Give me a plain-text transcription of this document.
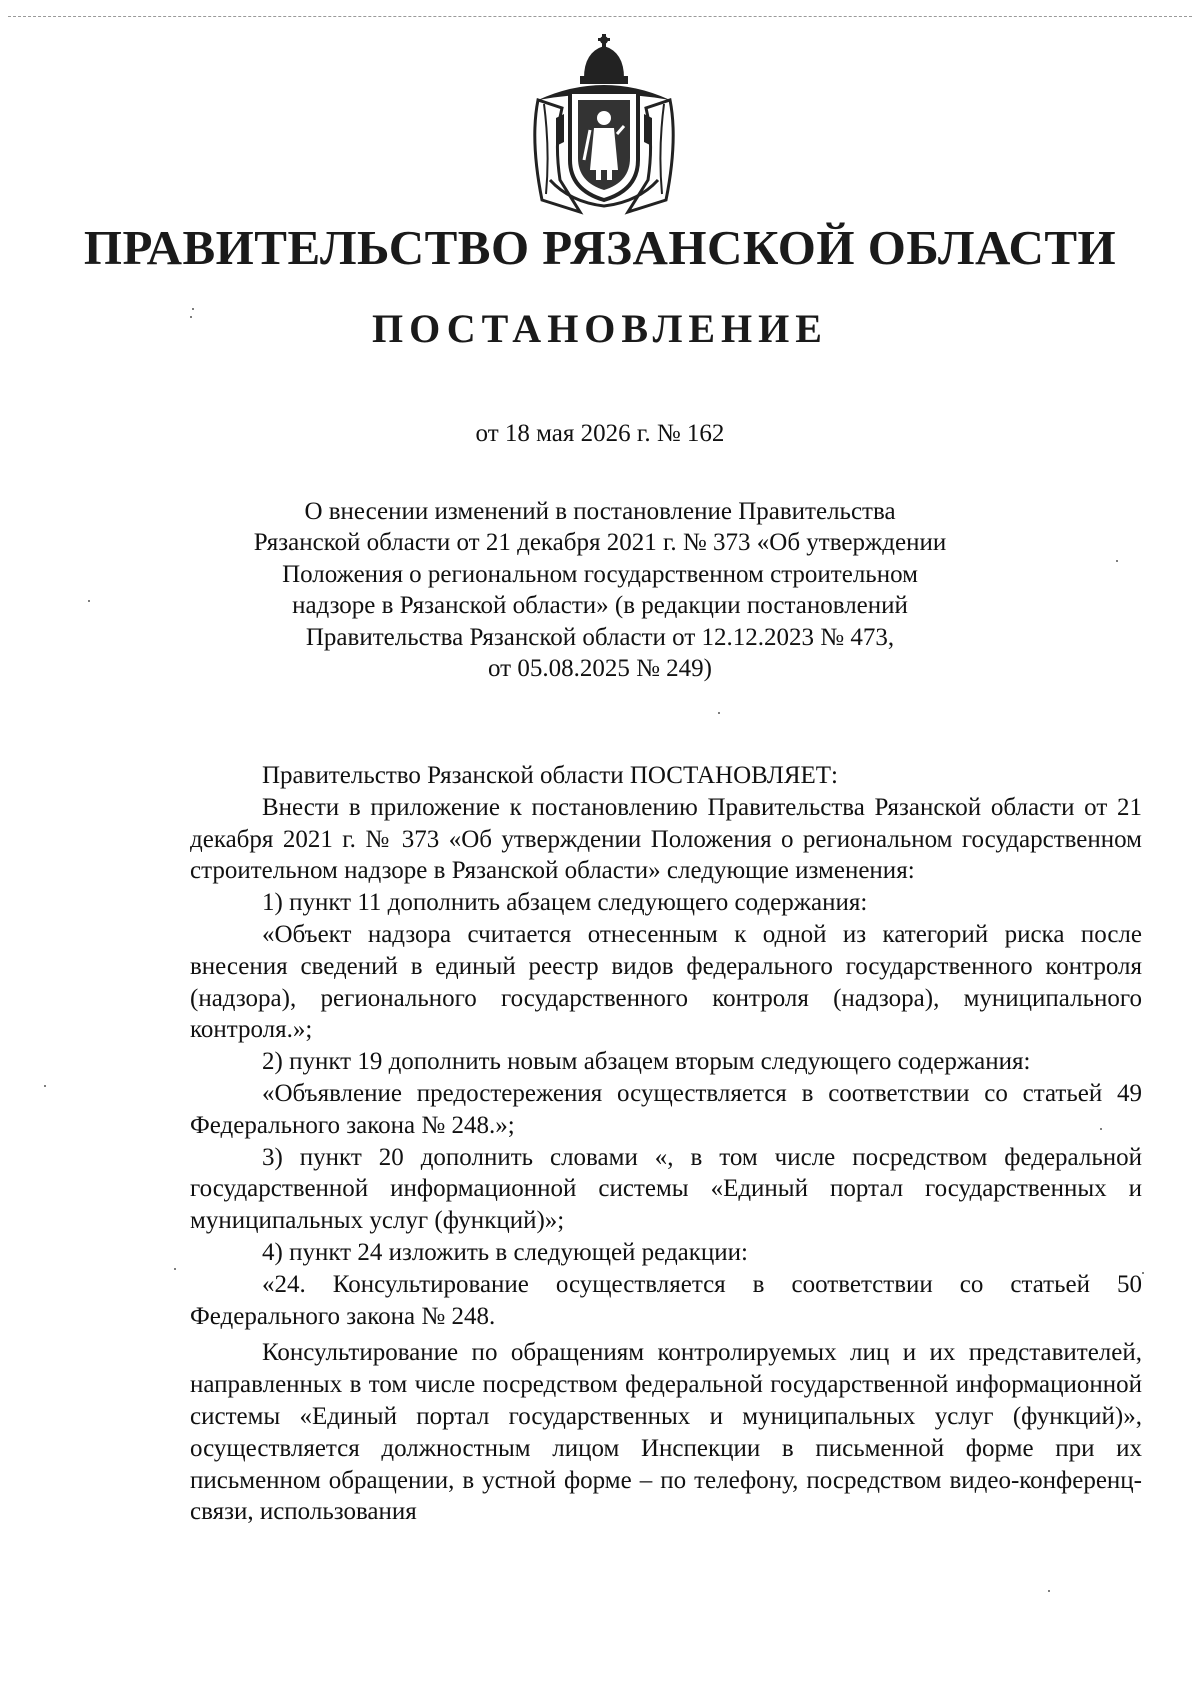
ПРАВИТЕЛЬСТВО РЯЗАНСКОЙ ОБЛАСТИ
ПОСТАНОВЛЕНИЕ
от 18 мая 2026 г. № 162
О внесении изменений в постановление Правительства
Рязанской области от 21 декабря 2021 г. № 373 «Об утверждении
Положения о региональном государственном строительном
надзоре в Рязанской области» (в редакции постановлений
Правительства Рязанской области от 12.12.2023 № 473,
от 05.08.2025 № 249)

Правительство Рязанской области ПОСТАНОВЛЯЕТ:

Внести в приложение к постановлению Правительства Рязанской области от 21 декабря 2021 г. № 373 «Об утверждении Положения о региональном государственном строительном надзоре в Рязанской области» следующие изменения:

1) пункт 11 дополнить абзацем следующего содержания:

«Объект надзора считается отнесенным к одной из категорий риска после внесения сведений в единый реестр видов федерального государственного контроля (надзора), регионального государственного контроля (надзора), муниципального контроля.»;

2) пункт 19 дополнить новым абзацем вторым следующего содержания:

«Объявление предостережения осуществляется в соответствии со статьей 49 Федерального закона № 248.»;

3) пункт 20 дополнить словами «, в том числе посредством федеральной государственной информационной системы «Единый портал государственных и муниципальных услуг (функций)»;

4) пункт 24 изложить в следующей редакции:

«24. Консультирование осуществляется в соответствии со статьей 50 Федерального закона № 248.

Консультирование по обращениям контролируемых лиц и их представителей, направленных в том числе посредством федеральной государственной информационной системы «Единый портал государственных и муниципальных услуг (функций)», осуществляется должностным лицом Инспекции в письменной форме при их письменном обращении, в устной форме – по телефону, посредством видео-конференц-связи, использования
